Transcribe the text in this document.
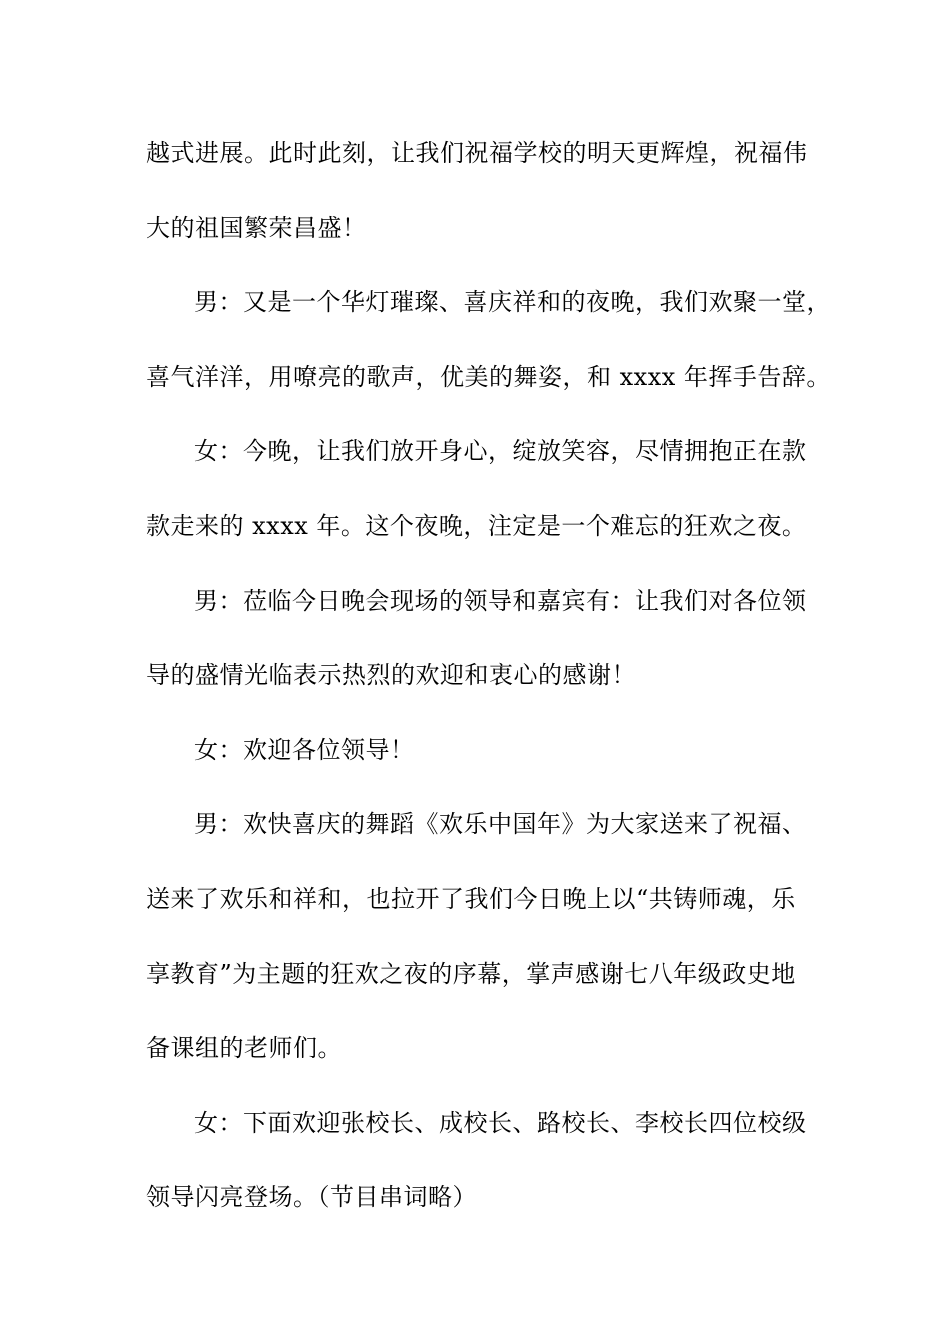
越式进展。此时此刻，让我们祝福学校的明天更辉煌，祝福伟
大的祖国繁荣昌盛！
男：又是一个华灯璀璨、喜庆祥和的夜晚，我们欢聚一堂，
喜气洋洋，用嘹亮的歌声，优美的舞姿，和 xxxx 年挥手告辞。
女：今晚，让我们放开身心，绽放笑容，尽情拥抱正在款
款走来的 xxxx 年。这个夜晚，注定是一个难忘的狂欢之夜。
男：莅临今日晚会现场的领导和嘉宾有：让我们对各位领
导的盛情光临表示热烈的欢迎和衷心的感谢！
女：欢迎各位领导！
男：欢快喜庆的舞蹈《欢乐中国年》为大家送来了祝福、
送来了欢乐和祥和，也拉开了我们今日晚上以“共铸师魂，乐
享教育”为主题的狂欢之夜的序幕，掌声感谢七八年级政史地
备课组的老师们。
女：下面欢迎张校长、成校长、路校长、李校长四位校级
领导闪亮登场。（节目串词略）
